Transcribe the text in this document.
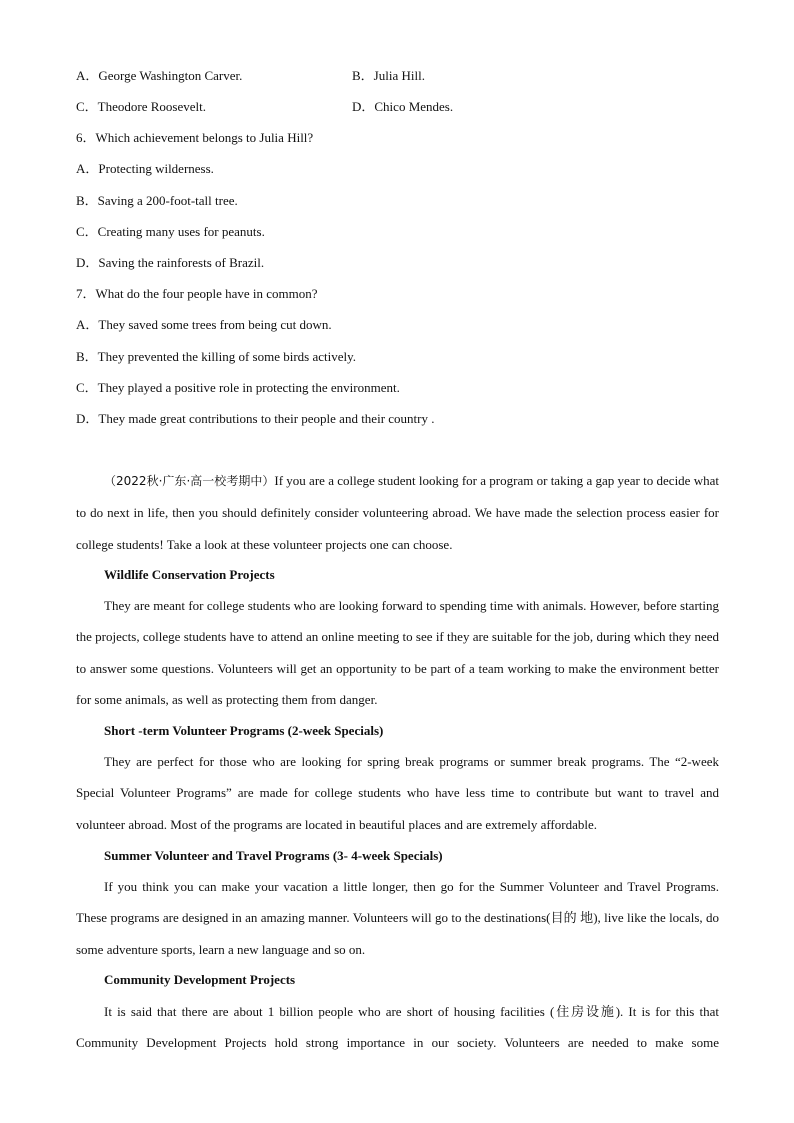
A．George Washington Carver.	B．Julia Hill.
C．Theodore Roosevelt.	D．Chico Mendes.
6．Which achievement belongs to Julia Hill?
A．Protecting wilderness.
B．Saving a 200-foot-tall tree.
C．Creating many uses for peanuts.
D．Saving the rainforests of Brazil.
7．What do the four people have in common?
A．They saved some trees from being cut down.
B．They prevented the killing of some birds actively.
C．They played a positive role in protecting the environment.
D．They made great contributions to their people and their country .
（2022秋·广东·高一校考期中）If you are a college student looking for a program or taking a gap year to decide what to do next in life, then you should definitely consider volunteering abroad. We have made the selection process easier for college students! Take a look at these volunteer projects one can choose.
Wildlife Conservation Projects
They are meant for college students who are looking forward to spending time with animals. However, before starting the projects, college students have to attend an online meeting to see if they are suitable for the job, during which they need to answer some questions. Volunteers will get an opportunity to be part of a team working to make the environment better for some animals, as well as protecting them from danger.
Short -term Volunteer Programs (2-week Specials)
They are perfect for those who are looking for spring break programs or summer break programs. The “2-week Special Volunteer Programs” are made for college students who have less time to contribute but want to travel and volunteer abroad. Most of the programs are located in beautiful places and are extremely affordable.
Summer Volunteer and Travel Programs (3- 4-week Specials)
If you think you can make your vacation a little longer, then go for the Summer Volunteer and Travel Programs. These programs are designed in an amazing manner. Volunteers will go to the destinations(目的 地), live like the locals, do some adventure sports, learn a new language and so on.
Community Development Projects
It is said that there are about 1 billion people who are short of housing facilities (住房设施). It is for this that Community Development Projects hold strong importance in our society. Volunteers are needed to make some
